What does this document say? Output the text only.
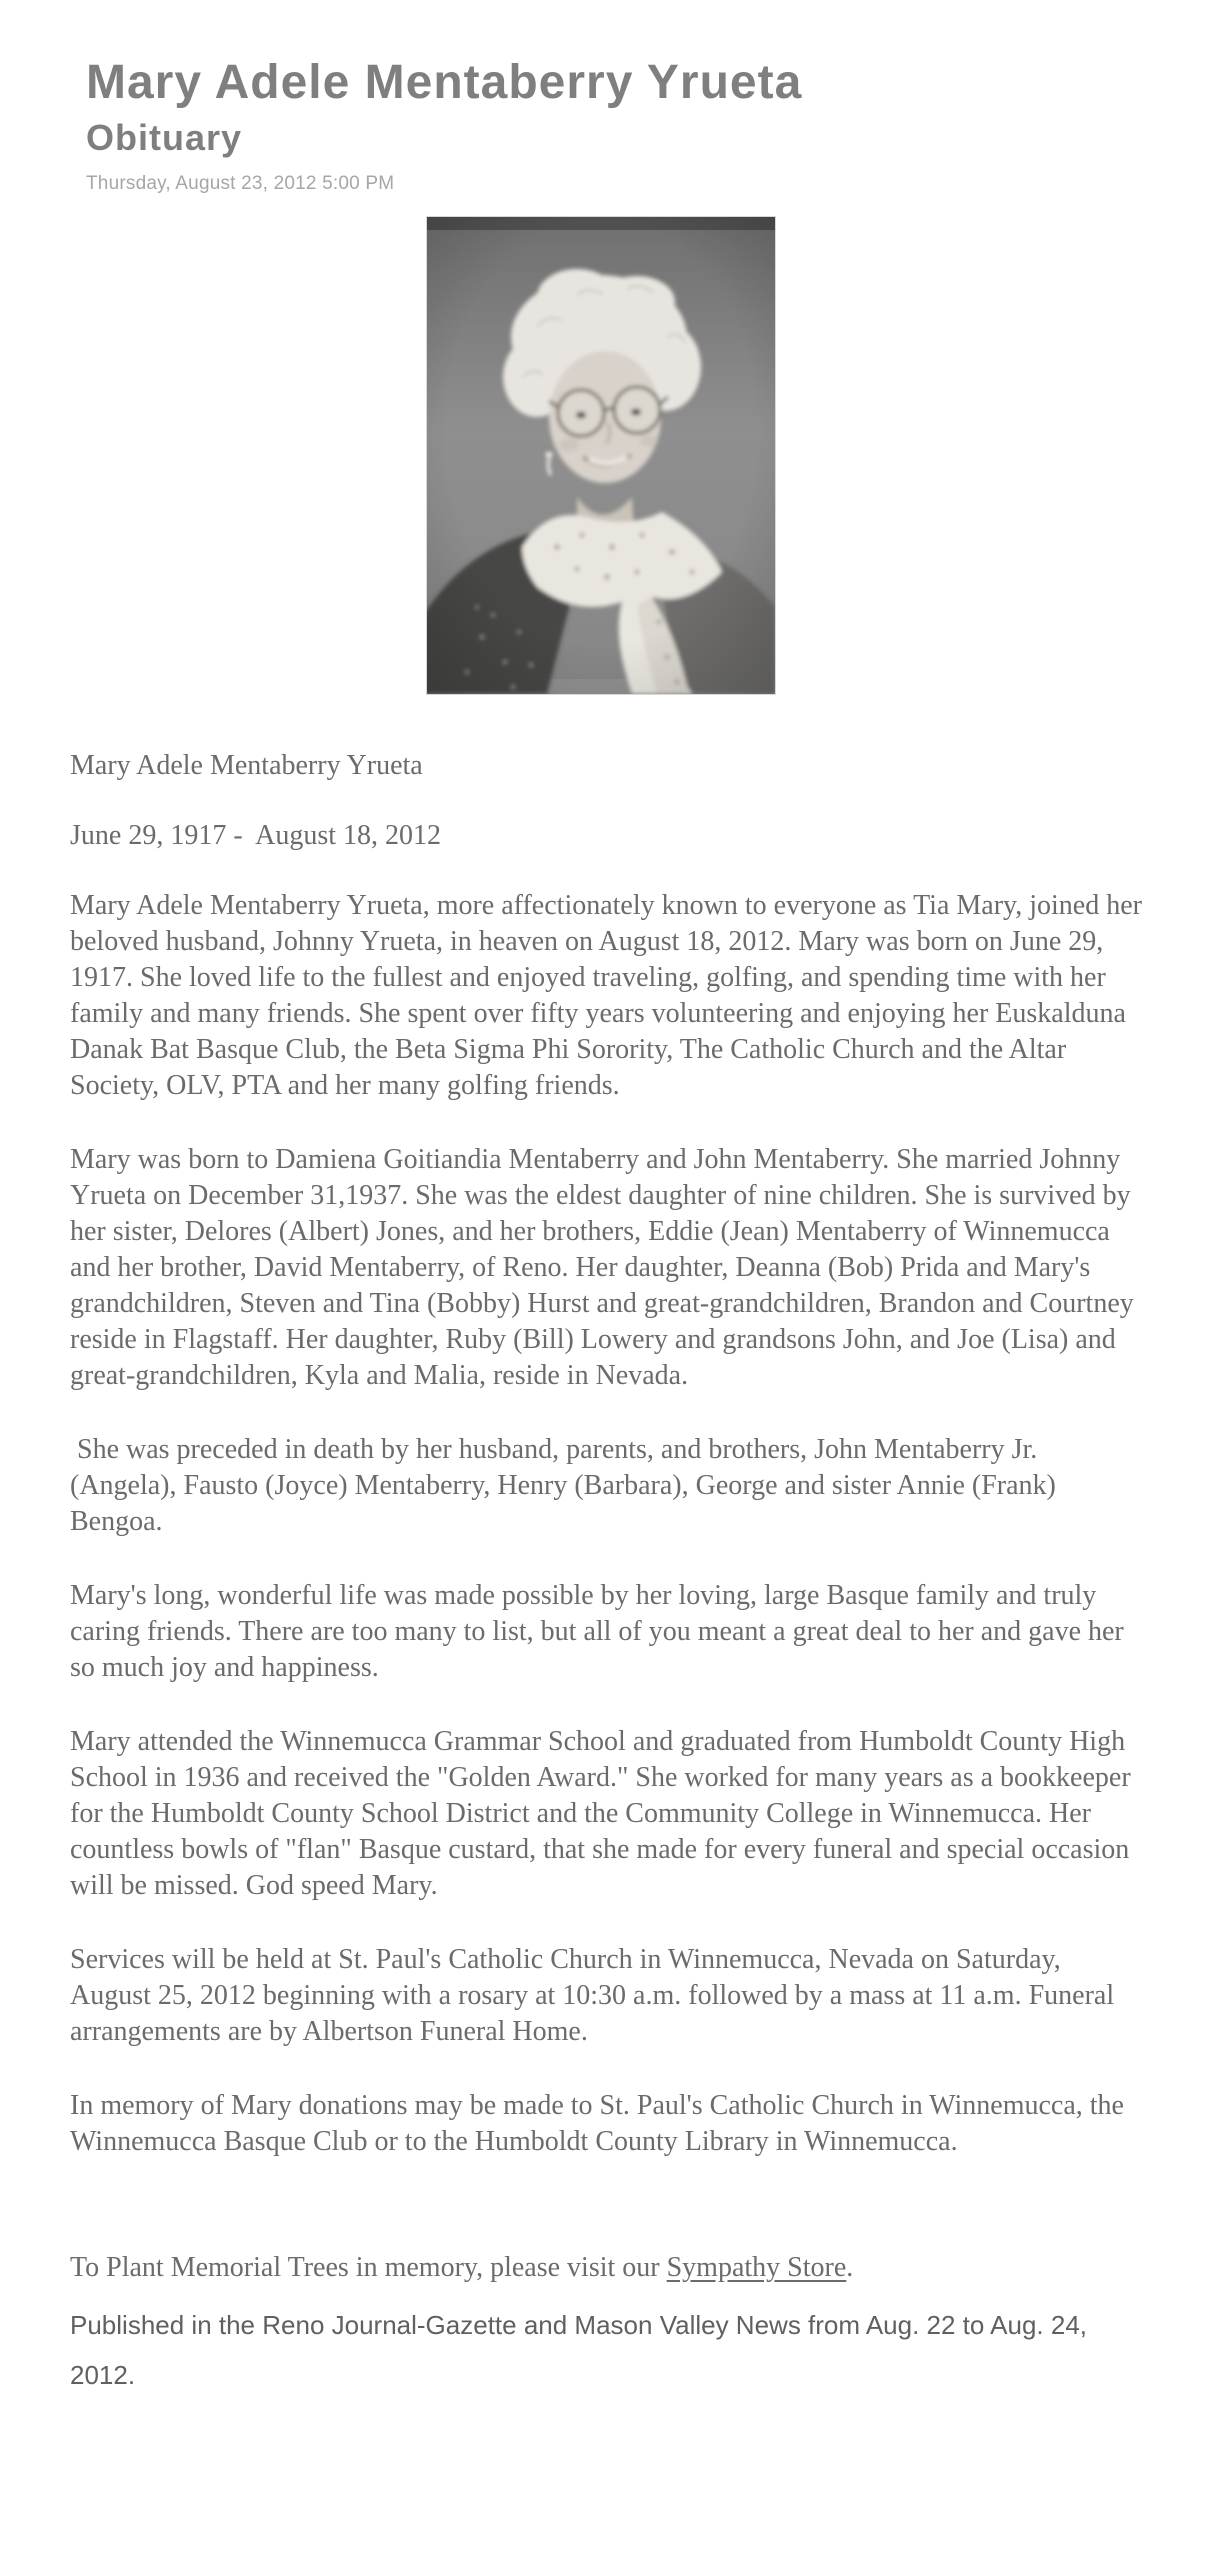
Mary Adele Mentaberry Yrueta
Obituary
Thursday, August 23, 2012 5:00 PM

Mary Adele Mentaberry Yrueta

June 29, 1917 -  August 18, 2012

Mary Adele Mentaberry Yrueta, more affectionately known to everyone as Tia Mary, joined her beloved husband, Johnny Yrueta, in heaven on August 18, 2012. Mary was born on June 29, 1917. She loved life to the fullest and enjoyed traveling, golfing, and spending time with her family and many friends. She spent over fifty years volunteering and enjoying her Euskalduna Danak Bat Basque Club, the Beta Sigma Phi Sorority, The Catholic Church and the Altar Society, OLV, PTA and her many golfing friends.

Mary was born to Damiena Goitiandia Mentaberry and John Mentaberry. She married Johnny Yrueta on December 31,1937. She was the eldest daughter of nine children. She is survived by her sister, Delores (Albert) Jones, and her brothers, Eddie (Jean) Mentaberry of Winnemucca and her brother, David Mentaberry, of Reno. Her daughter, Deanna (Bob) Prida and Mary's grandchildren, Steven and Tina (Bobby) Hurst and great-grandchildren, Brandon and Courtney reside in Flagstaff. Her daughter, Ruby (Bill) Lowery and grandsons John, and Joe (Lisa) and great-grandchildren, Kyla and Malia, reside in Nevada.

She was preceded in death by her husband, parents, and brothers, John Mentaberry Jr. (Angela), Fausto (Joyce) Mentaberry, Henry (Barbara), George and sister Annie (Frank) Bengoa.

Mary's long, wonderful life was made possible by her loving, large Basque family and truly caring friends. There are too many to list, but all of you meant a great deal to her and gave her so much joy and happiness.

Mary attended the Winnemucca Grammar School and graduated from Humboldt County High School in 1936 and received the "Golden Award." She worked for many years as a bookkeeper for the Humboldt County School District and the Community College in Winnemucca. Her countless bowls of "flan" Basque custard, that she made for every funeral and special occasion will be missed. God speed Mary.

Services will be held at St. Paul's Catholic Church in Winnemucca, Nevada on Saturday, August 25, 2012 beginning with a rosary at 10:30 a.m. followed by a mass at 11 a.m. Funeral arrangements are by Albertson Funeral Home.

In memory of Mary donations may be made to St. Paul's Catholic Church in Winnemucca, the Winnemucca Basque Club or to the Humboldt County Library in Winnemucca.

To Plant Memorial Trees in memory, please visit our Sympathy Store.

Published in the Reno Journal-Gazette and Mason Valley News from Aug. 22 to Aug. 24, 2012.
